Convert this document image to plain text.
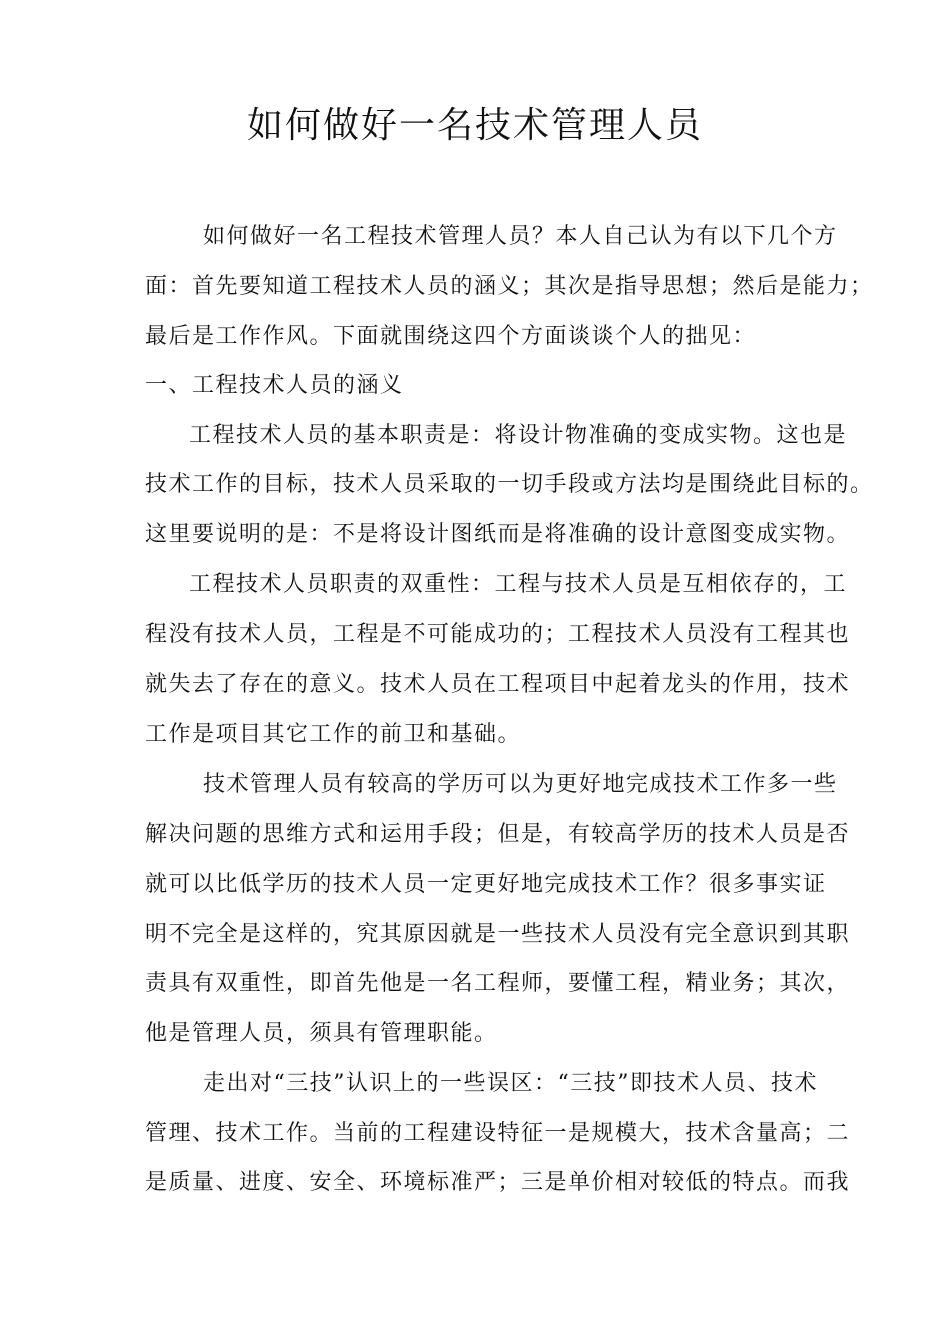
如何做好一名技术管理人员
如何做好一名工程技术管理人员？本人自己认为有以下几个方
面：首先要知道工程技术人员的涵义；其次是指导思想；然后是能力；
最后是工作作风。下面就围绕这四个方面谈谈个人的拙见：
一、工程技术人员的涵义
工程技术人员的基本职责是：将设计物准确的变成实物。这也是
技术工作的目标，技术人员采取的一切手段或方法均是围绕此目标的。
这里要说明的是：不是将设计图纸而是将准确的设计意图变成实物。
工程技术人员职责的双重性：工程与技术人员是互相依存的，工
程没有技术人员，工程是不可能成功的；工程技术人员没有工程其也
就失去了存在的意义。技术人员在工程项目中起着龙头的作用，技术
工作是项目其它工作的前卫和基础。
技术管理人员有较高的学历可以为更好地完成技术工作多一些
解决问题的思维方式和运用手段；但是，有较高学历的技术人员是否
就可以比低学历的技术人员一定更好地完成技术工作？很多事实证
明不完全是这样的，究其原因就是一些技术人员没有完全意识到其职
责具有双重性，即首先他是一名工程师，要懂工程，精业务；其次，
他是管理人员，须具有管理职能。
走出对“三技”认识上的一些误区：“三技”即技术人员、技术
管理、技术工作。当前的工程建设特征一是规模大，技术含量高；二
是质量、进度、安全、环境标准严；三是单价相对较低的特点。而我
